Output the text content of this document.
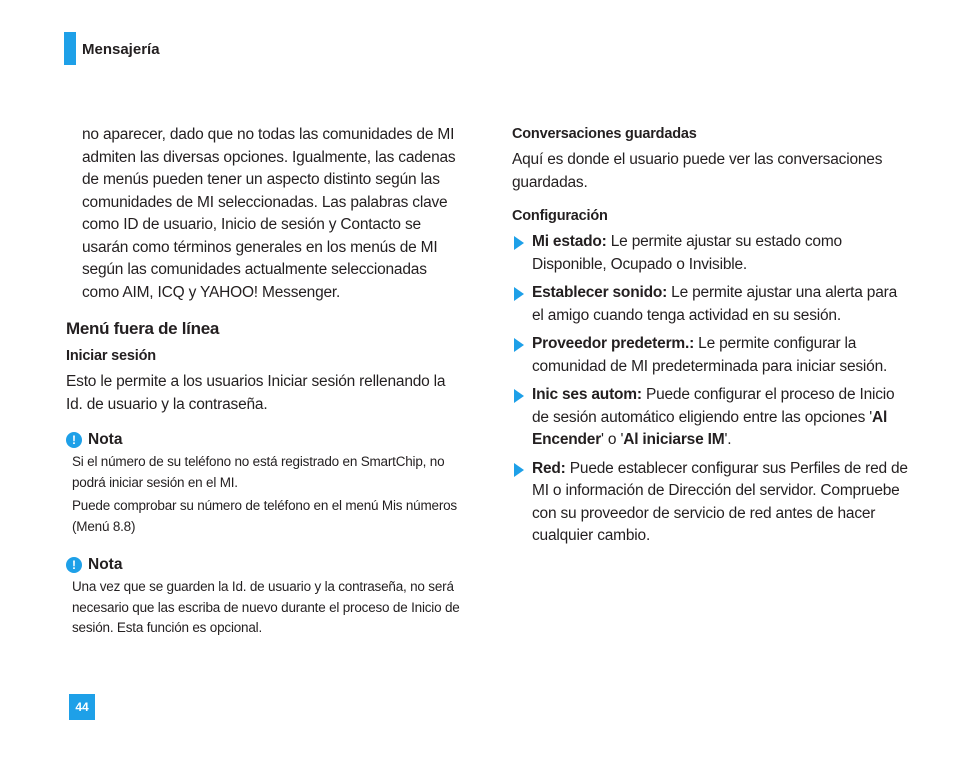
Mensajería

no aparecer, dado que no todas las comunidades de MI admiten las diversas opciones. Igualmente, las cadenas de menús pueden tener un aspecto distinto según las comunidades de MI seleccionadas. Las palabras clave como ID de usuario, Inicio de sesión y Contacto se usarán como términos generales en los menús de MI según las comunidades actualmente seleccionadas como AIM, ICQ y YAHOO! Messenger.

Menú fuera de línea
Iniciar sesión

Esto le permite a los usuarios Iniciar sesión rellenando la Id. de usuario y la contraseña.

! Nota

Si el número de su teléfono no está registrado en SmartChip, no podrá iniciar sesión en el MI.

Puede comprobar su número de teléfono en el menú Mis números (Menú 8.8)

! Nota

Una vez que se guarden la Id. de usuario y la contraseña, no será necesario que las escriba de nuevo durante el proceso de Inicio de sesión. Esta función es opcional.

Conversaciones guardadas

Aquí es donde el usuario puede ver las conversaciones guardadas.

Configuración
Mi estado: Le permite ajustar su estado como Disponible, Ocupado o Invisible.
Establecer sonido: Le permite ajustar una alerta para el amigo cuando tenga actividad en su sesión.
Proveedor predeterm.: Le permite configurar la comunidad de MI predeterminada para iniciar sesión.
Inic ses autom: Puede configurar el proceso de Inicio de sesión automático eligiendo entre las opciones 'Al Encender' o 'Al iniciarse IM'.
Red: Puede establecer configurar sus Perfiles de red de MI o información de Dirección del servidor. Compruebe con su proveedor de servicio de red antes de hacer cualquier cambio.
44
